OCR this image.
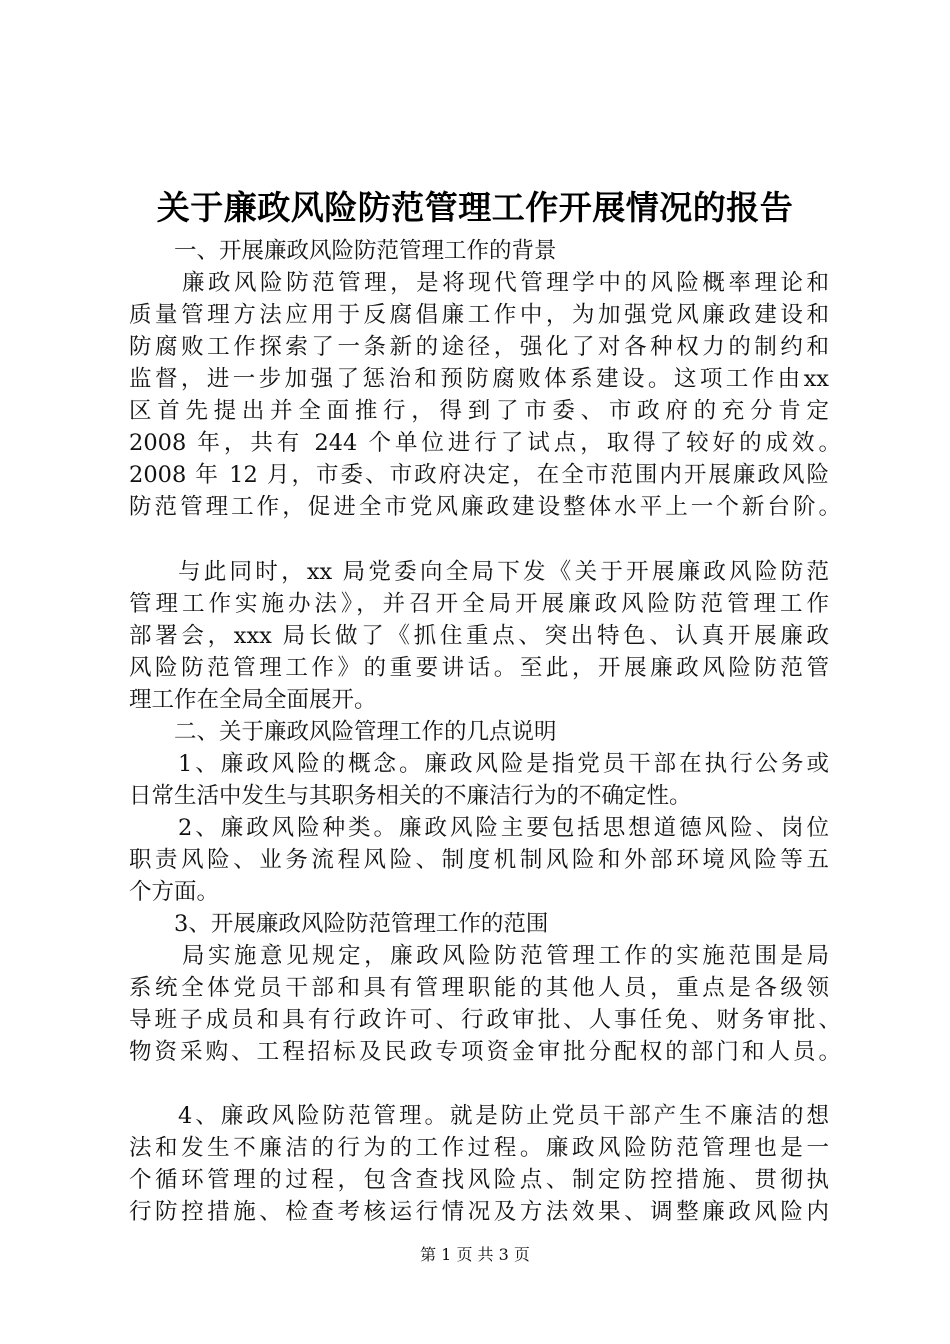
关于廉政风险防范管理工作开展情况的报告
一、开展廉政风险防范管理工作的背景
廉政风险防范管理，是将现代管理学中的风险概率理论和
质量管理方法应用于反腐倡廉工作中，为加强党风廉政建设和
防腐败工作探索了一条新的途径，强化了对各种权力的制约和
监督，进一步加强了惩治和预防腐败体系建设。这项工作由xx
区首先提出并全面推行，得到了市委、市政府的充分肯定
2008 年，共有 244 个单位进行了试点，取得了较好的成效。
2008 年 12 月，市委、市政府决定，在全市范围内开展廉政风险
防范管理工作，促进全市党风廉政建设整体水平上一个新台阶。
与此同时，xx 局党委向全局下发《关于开展廉政风险防范
管理工作实施办法》，并召开全局开展廉政风险防范管理工作
部署会，xxx 局长做了《抓住重点、突出特色、认真开展廉政
风险防范管理工作》的重要讲话。至此，开展廉政风险防范管
理工作在全局全面展开。
二、关于廉政风险管理工作的几点说明
1、廉政风险的概念。廉政风险是指党员干部在执行公务或
日常生活中发生与其职务相关的不廉洁行为的不确定性。
2、廉政风险种类。廉政风险主要包括思想道德风险、岗位
职责风险、业务流程风险、制度机制风险和外部环境风险等五
个方面。
3、开展廉政风险防范管理工作的范围
局实施意见规定，廉政风险防范管理工作的实施范围是局
系统全体党员干部和具有管理职能的其他人员，重点是各级领
导班子成员和具有行政许可、行政审批、人事任免、财务审批、
物资采购、工程招标及民政专项资金审批分配权的部门和人员。
4、廉政风险防范管理。就是防止党员干部产生不廉洁的想
法和发生不廉洁的行为的工作过程。廉政风险防范管理也是一
个循环管理的过程，包含查找风险点、制定防控措施、贯彻执
行防控措施、检查考核运行情况及方法效果、调整廉政风险内
第 1 页 共 3 页
